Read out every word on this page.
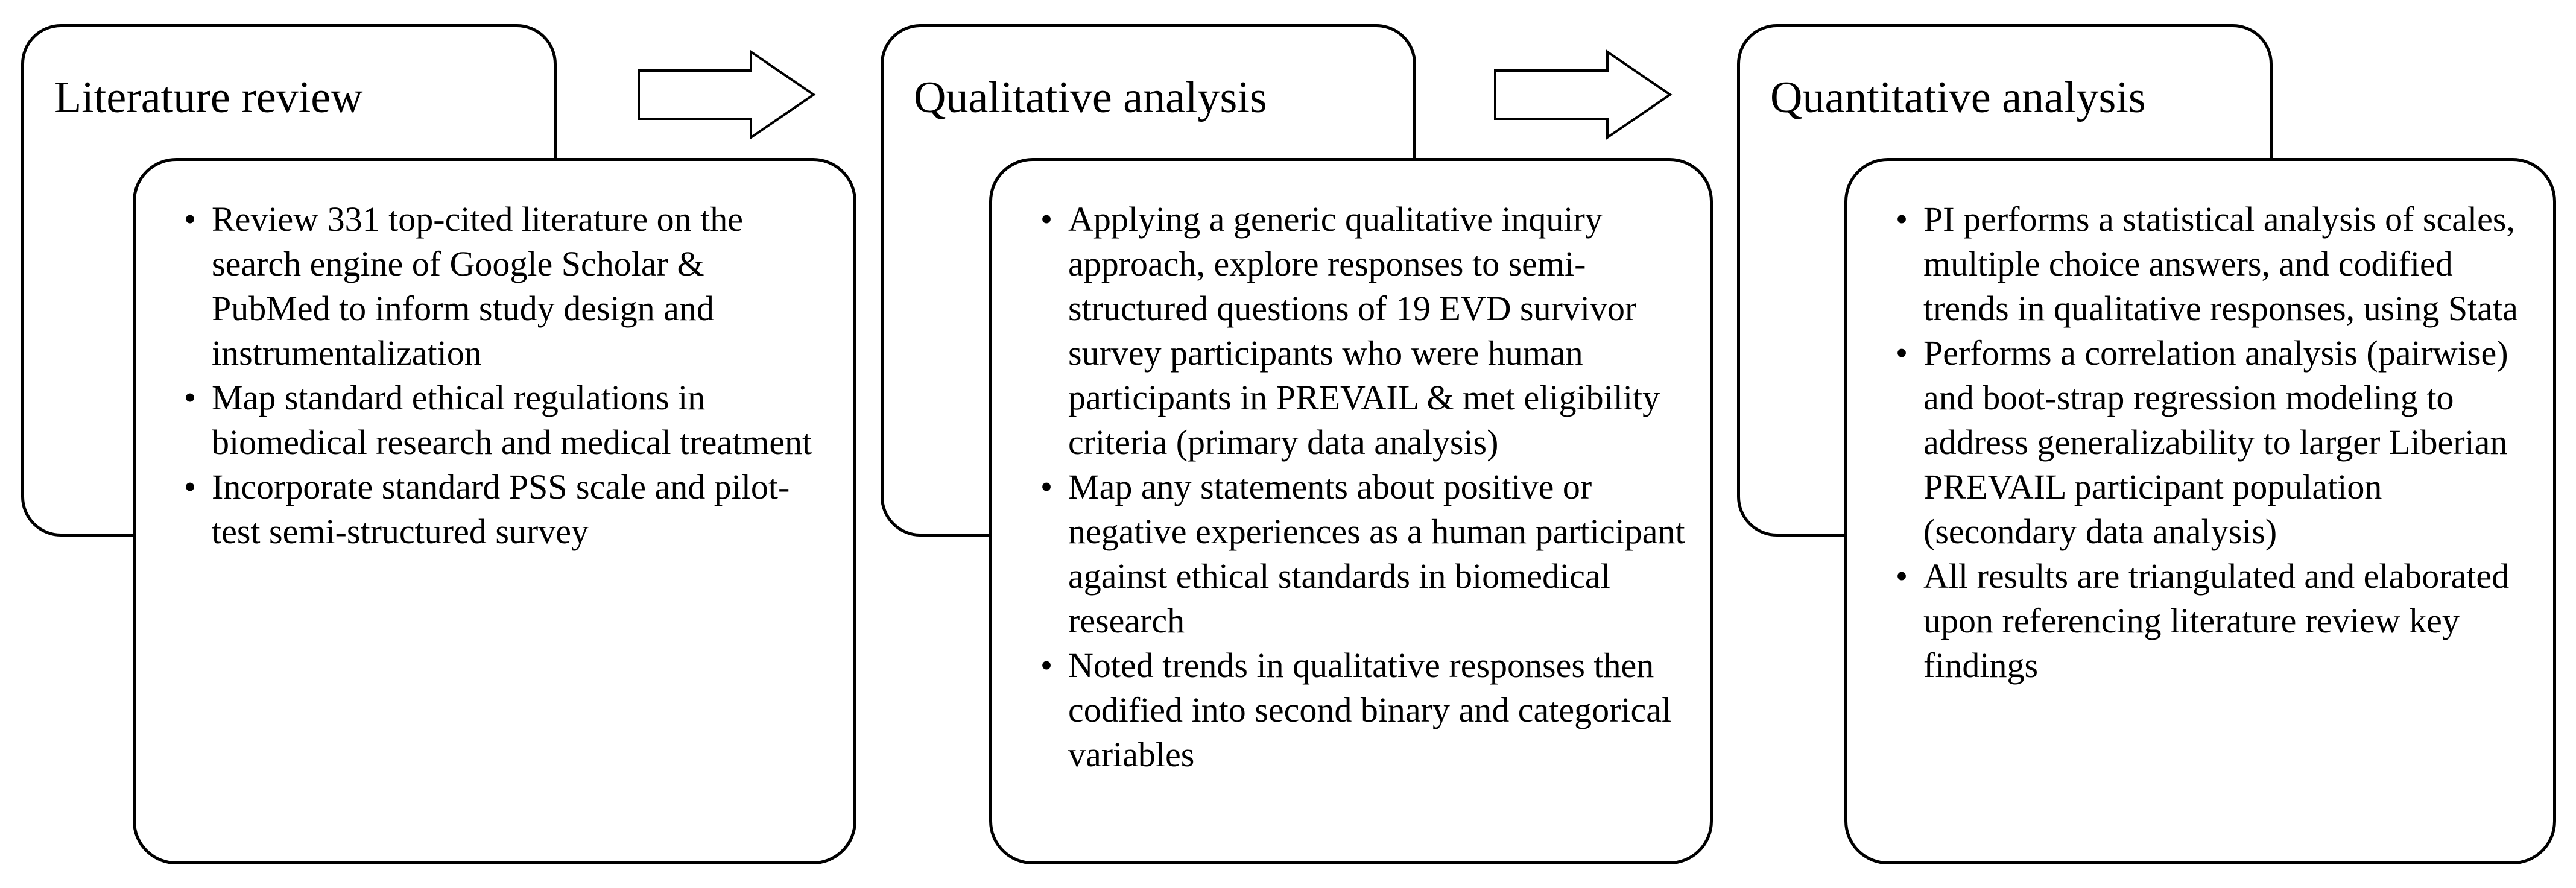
Literature review
• Review 331 top-cited literature on the search engine of Google Scholar & PubMed to inform study design and instrumentalization
• Map standard ethical regulations in biomedical research and medical treatment
• Incorporate standard PSS scale and pilot-test semi-structured survey
Qualitative analysis
• Applying a generic qualitative inquiry approach, explore responses to semi-structured questions of 19 EVD survivor survey participants who were human participants in PREVAIL & met eligibility criteria (primary data analysis)
• Map any statements about positive or negative experiences as a human participant against ethical standards in biomedical research
• Noted trends in qualitative responses then codified into second binary and categorical variables
Quantitative analysis
• PI performs a statistical analysis of scales, multiple choice answers, and codified trends in qualitative responses, using Stata
• Performs a correlation analysis (pairwise) and boot-strap regression modeling to address generalizability to larger Liberian PREVAIL participant population (secondary data analysis)
• All results are triangulated and elaborated upon referencing literature review key findings
